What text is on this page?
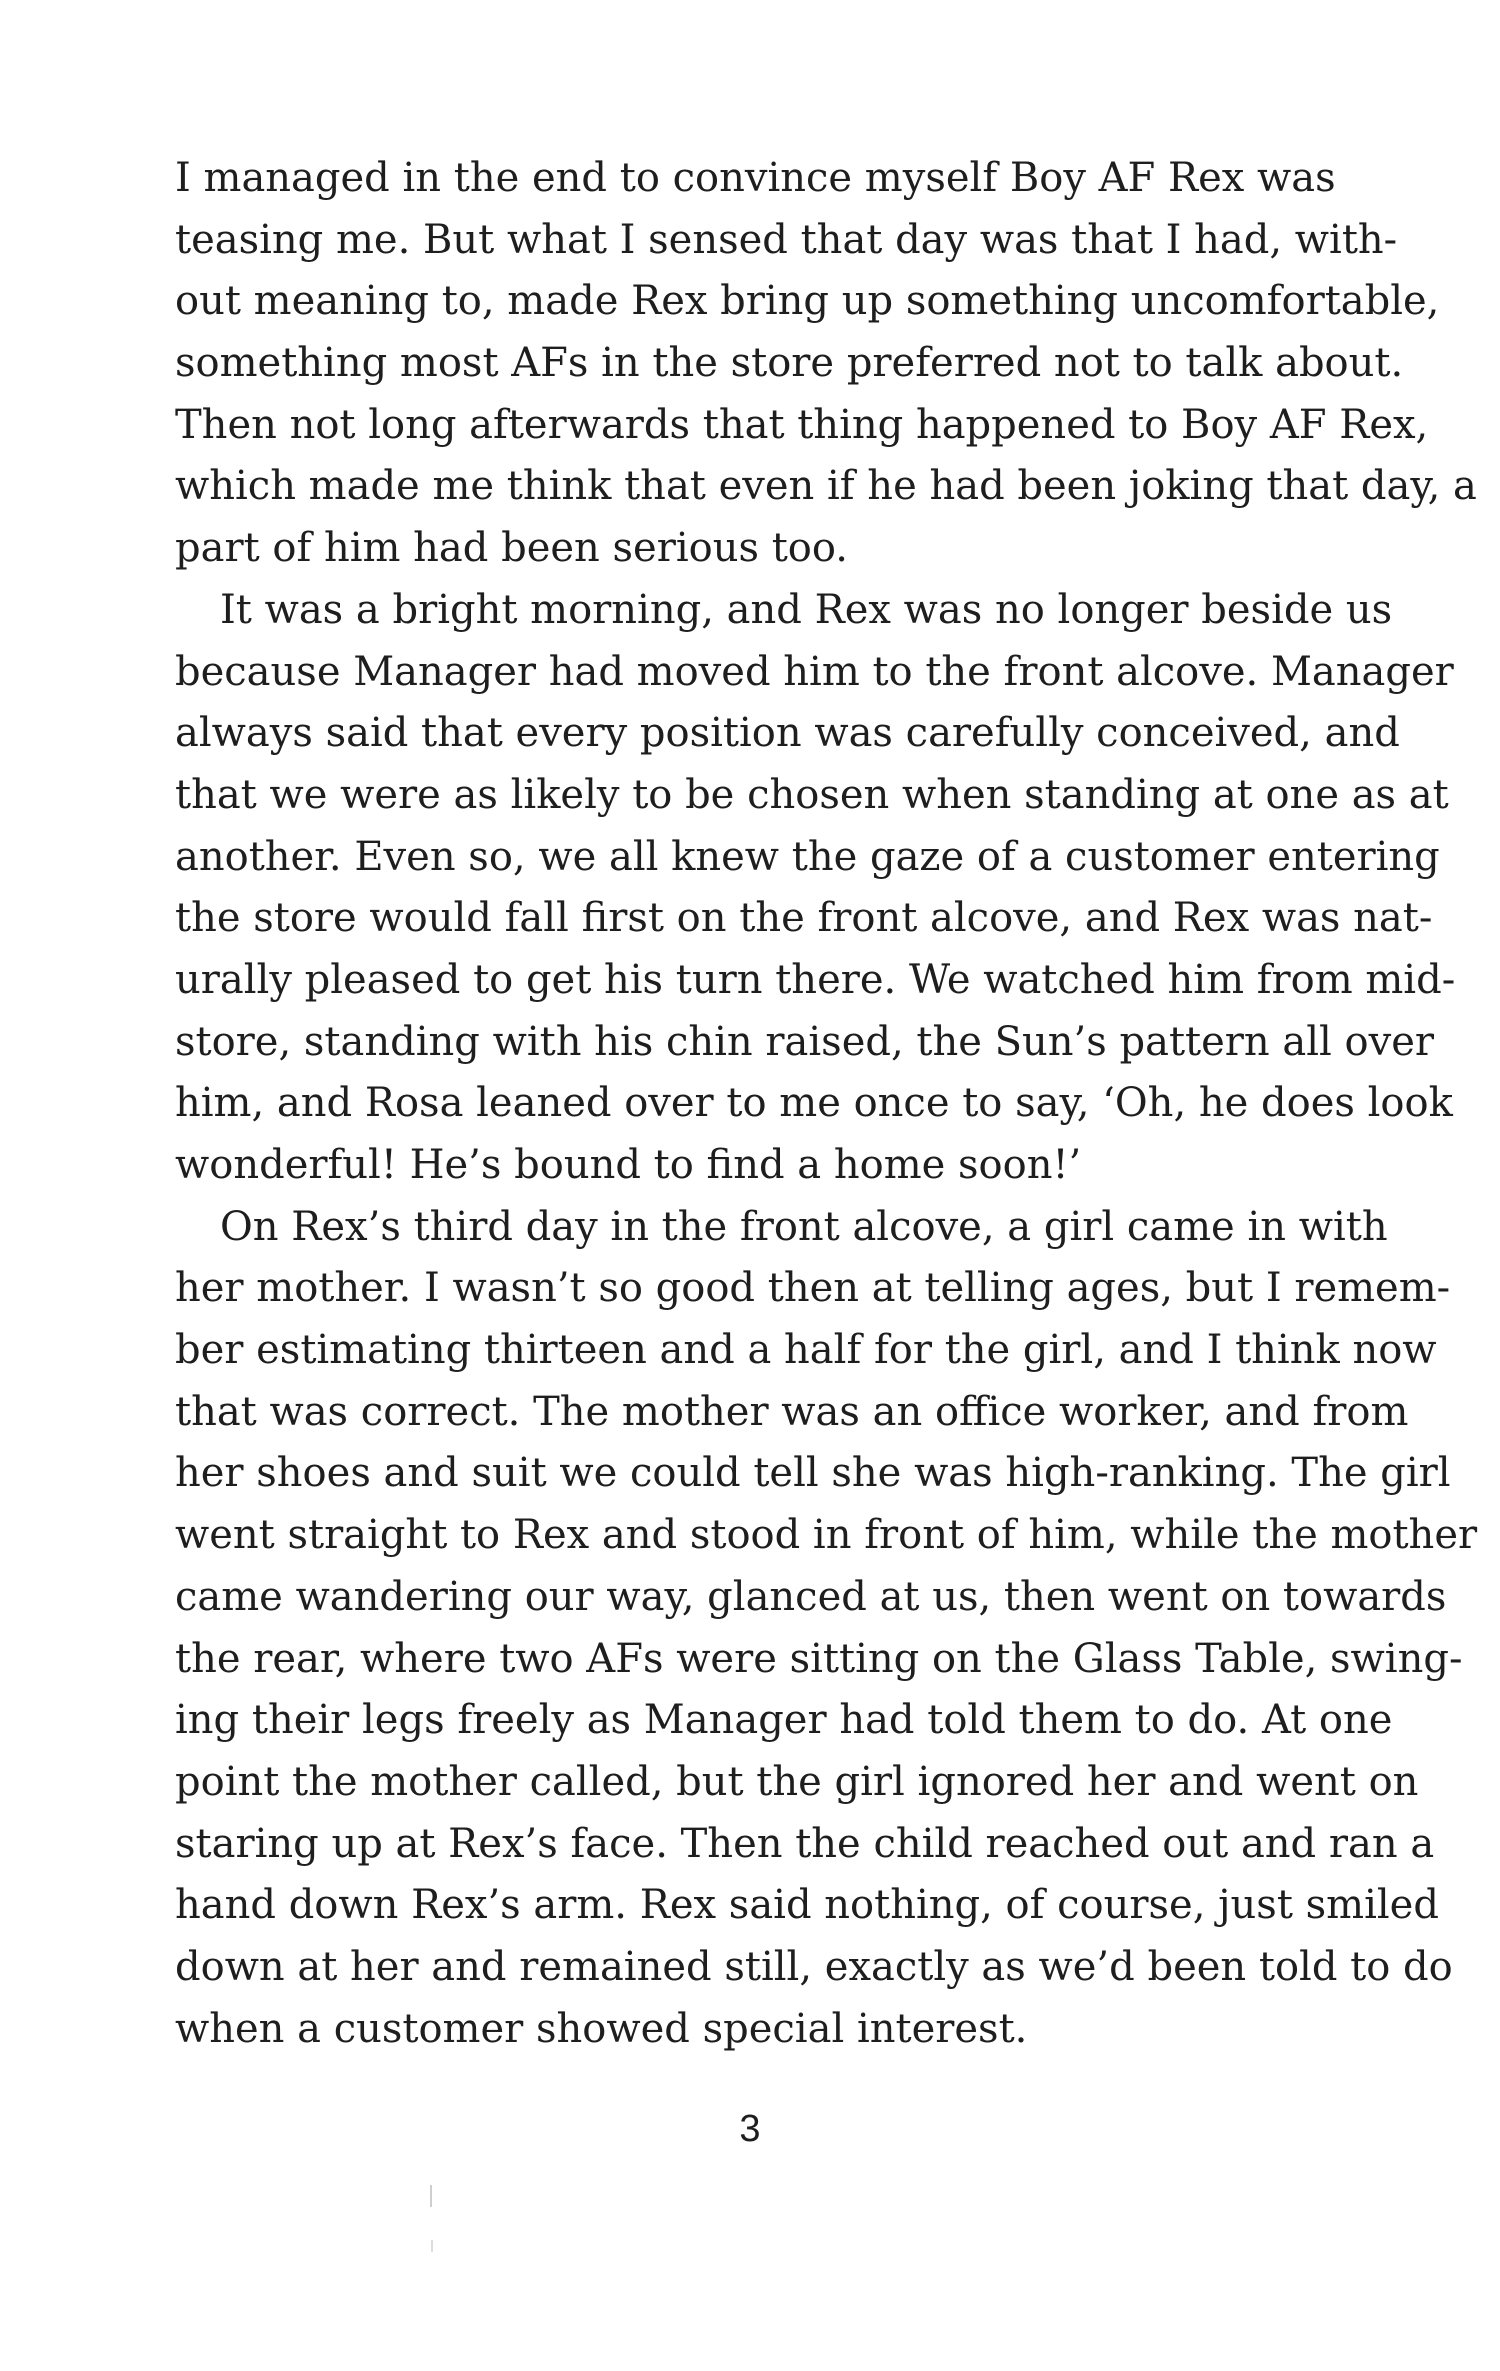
I managed in the end to convince myself Boy AF Rex was
teasing me. But what I sensed that day was that I had, with-
out meaning to, made Rex bring up something uncomfortable,
something most AFs in the store preferred not to talk about.
Then not long afterwards that thing happened to Boy AF Rex,
which made me think that even if he had been joking that day, a
part of him had been serious too.
It was a bright morning, and Rex was no longer beside us
because Manager had moved him to the front alcove. Manager
always said that every position was carefully conceived, and
that we were as likely to be chosen when standing at one as at
another. Even so, we all knew the gaze of a customer entering
the store would fall first on the front alcove, and Rex was nat-
urally pleased to get his turn there. We watched him from mid-
store, standing with his chin raised, the Sun’s pattern all over
him, and Rosa leaned over to me once to say, ‘Oh, he does look
wonderful! He’s bound to find a home soon!’
On Rex’s third day in the front alcove, a girl came in with
her mother. I wasn’t so good then at telling ages, but I remem-
ber estimating thirteen and a half for the girl, and I think now
that was correct. The mother was an office worker, and from
her shoes and suit we could tell she was high-ranking. The girl
went straight to Rex and stood in front of him, while the mother
came wandering our way, glanced at us, then went on towards
the rear, where two AFs were sitting on the Glass Table, swing-
ing their legs freely as Manager had told them to do. At one
point the mother called, but the girl ignored her and went on
staring up at Rex’s face. Then the child reached out and ran a
hand down Rex’s arm. Rex said nothing, of course, just smiled
down at her and remained still, exactly as we’d been told to do
when a customer showed special interest.
3
